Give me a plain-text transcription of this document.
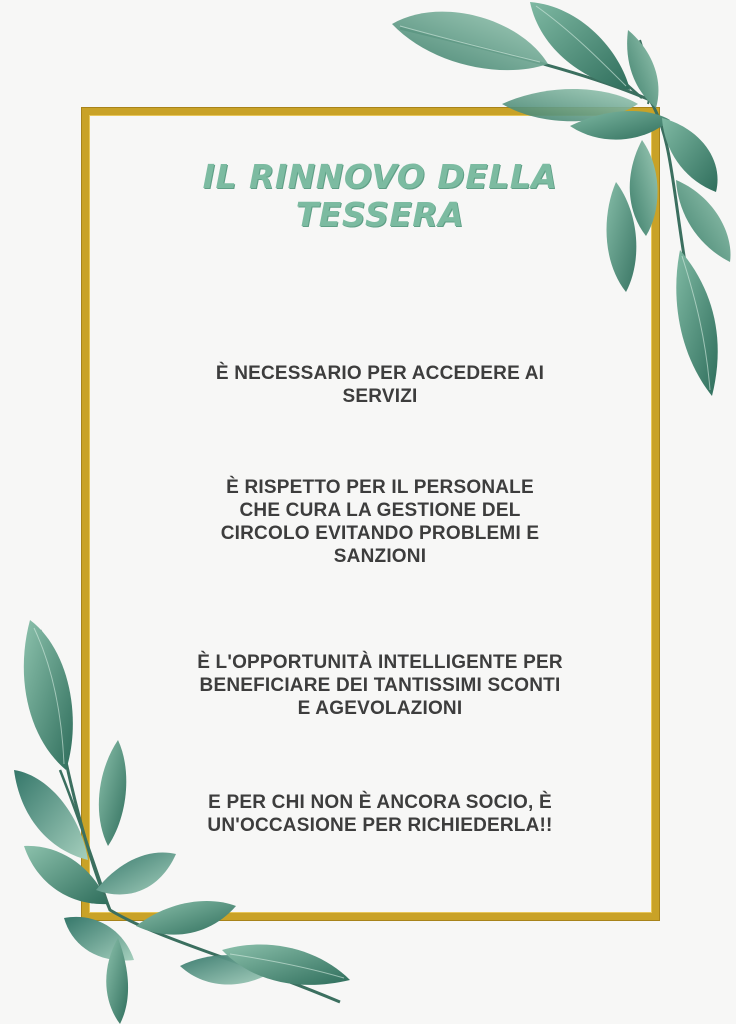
IL RINNOVO DELLA
TESSERA

È NECESSARIO PER ACCEDERE AI
SERVIZI

È RISPETTO PER IL PERSONALE
CHE CURA LA GESTIONE DEL
CIRCOLO EVITANDO PROBLEMI E
SANZIONI

È L'OPPORTUNITÀ INTELLIGENTE PER
BENEFICIARE DEI TANTISSIMI SCONTI
E AGEVOLAZIONI

E PER CHI NON È ANCORA SOCIO, È
UN'OCCASIONE PER RICHIEDERLA!!
